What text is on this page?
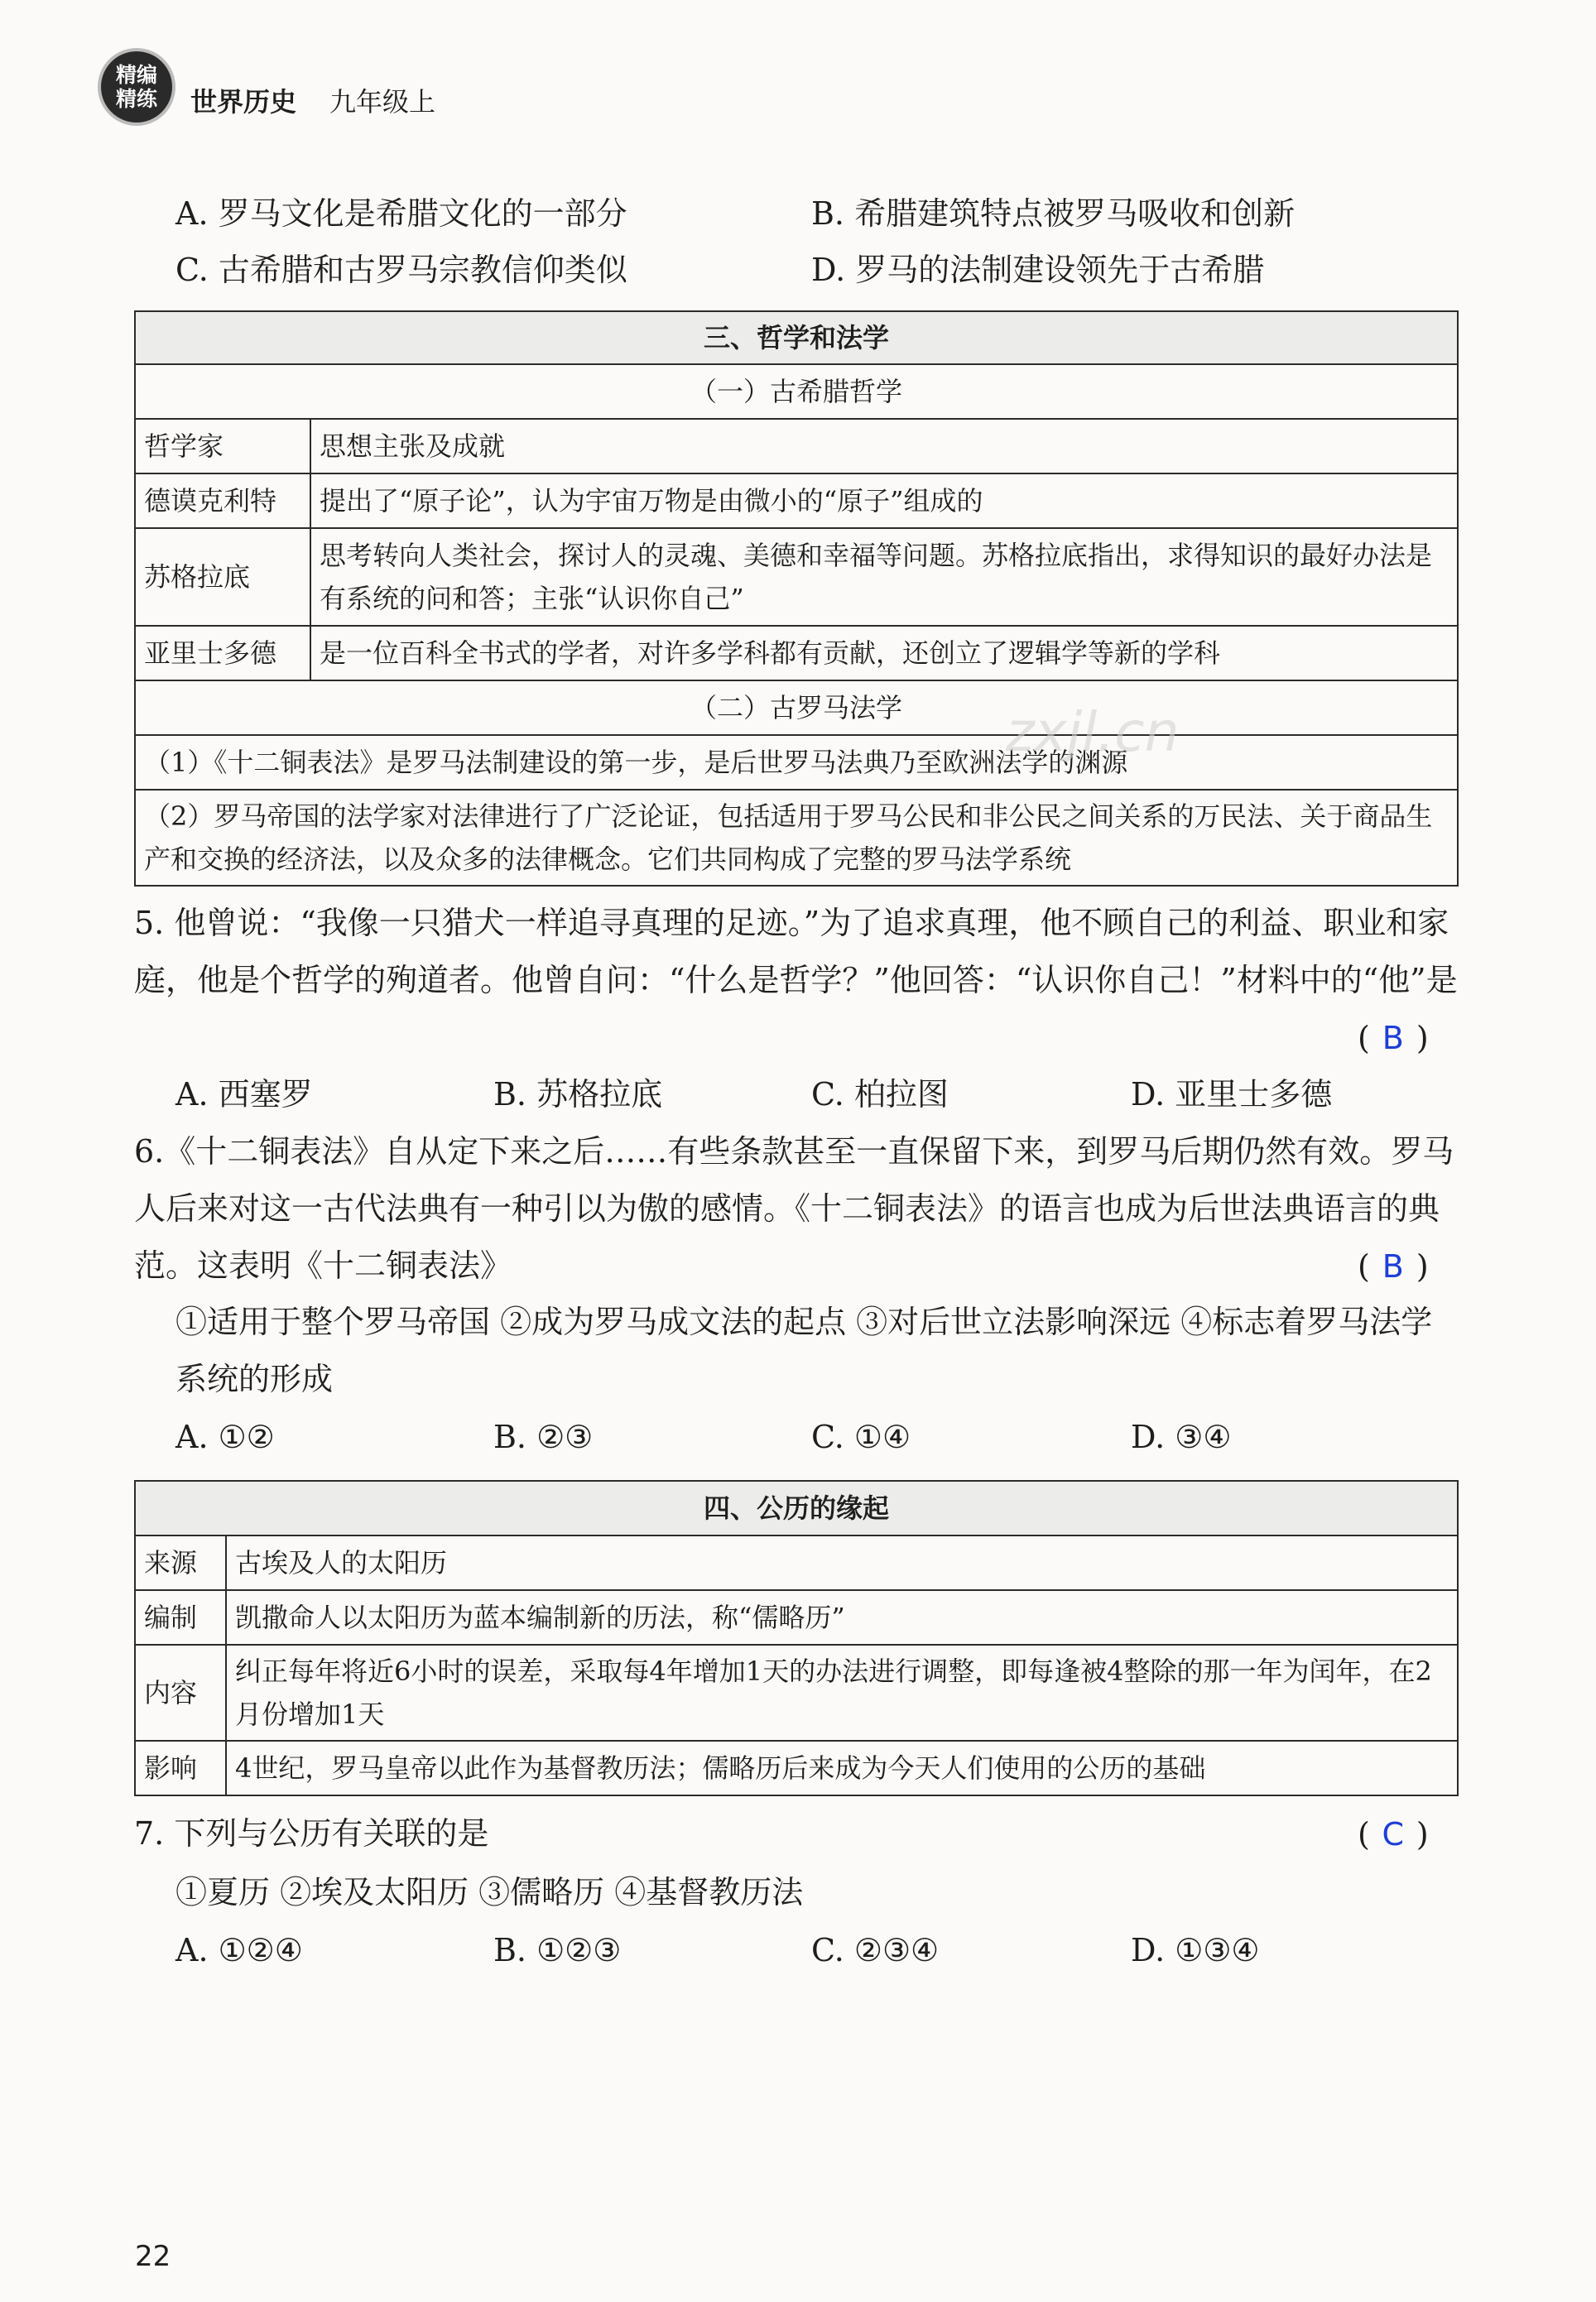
精编
精练 世界历史 九年级上
A. 罗马文化是希腊文化的一部分	B. 希腊建筑特点被罗马吸收和创新
C. 古希腊和古罗马宗教信仰类似	D. 罗马的法制建设领先于古希腊
三、哲学和法学	
（一）古希腊哲学	
哲学家	思想主张及成就
德谟克利特	提出了“原子论”，认为宇宙万物是由微小的“原子”组成的
苏格拉底	思考转向人类社会，探讨人的灵魂、美德和幸福等问题。苏格拉底指出，求得知识的最好办法是有系统的问和答；主张“认识你自己”
亚里士多德	是一位百科全书式的学者，对许多学科都有贡献，还创立了逻辑学等新的学科
（二）古罗马法学	
（1）《十二铜表法》是罗马法制建设的第一步，是后世罗马法典乃至欧洲法学的渊源	
（2）罗马帝国的法学家对法律进行了广泛论证，包括适用于罗马公民和非公民之间关系的万民法、关于商品生产和交换的经济法，以及众多的法律概念。它们共同构成了完整的罗马法学系统	
zxjl.cn
5. 他曾说：“我像一只猎犬一样追寻真理的足迹。”为了追求真理，他不顾自己的利益、职业和家庭，他是个哲学的殉道者。他曾自问：“什么是哲学？”他回答：“认识你自己！”材料中的“他”是
( B )
A. 西塞罗	B. 苏格拉底	C. 柏拉图	D. 亚里士多德
6.《十二铜表法》自从定下来之后……有些条款甚至一直保留下来，到罗马后期仍然有效。罗马人后来对这一古代法典有一种引以为傲的感情。《十二铜表法》的语言也成为后世法典语言的典范。这表明《十二铜表法》	( B )
①适用于整个罗马帝国 ②成为罗马成文法的起点 ③对后世立法影响深远 ④标志着罗马法学系统的形成
A. ①②	B. ②③	C. ①④	D. ③④
四、公历的缘起	
来源	古埃及人的太阳历
编制	凯撒命人以太阳历为蓝本编制新的历法，称“儒略历”
内容	纠正每年将近6小时的误差，采取每4年增加1天的办法进行调整，即每逢被4整除的那一年为闰年，在2月份增加1天
影响	4世纪，罗马皇帝以此作为基督教历法；儒略历后来成为今天人们使用的公历的基础
7. 下列与公历有关联的是	( C )
①夏历 ②埃及太阳历 ③儒略历 ④基督教历法
A. ①②④	B. ①②③	C. ②③④	D. ①③④
22
